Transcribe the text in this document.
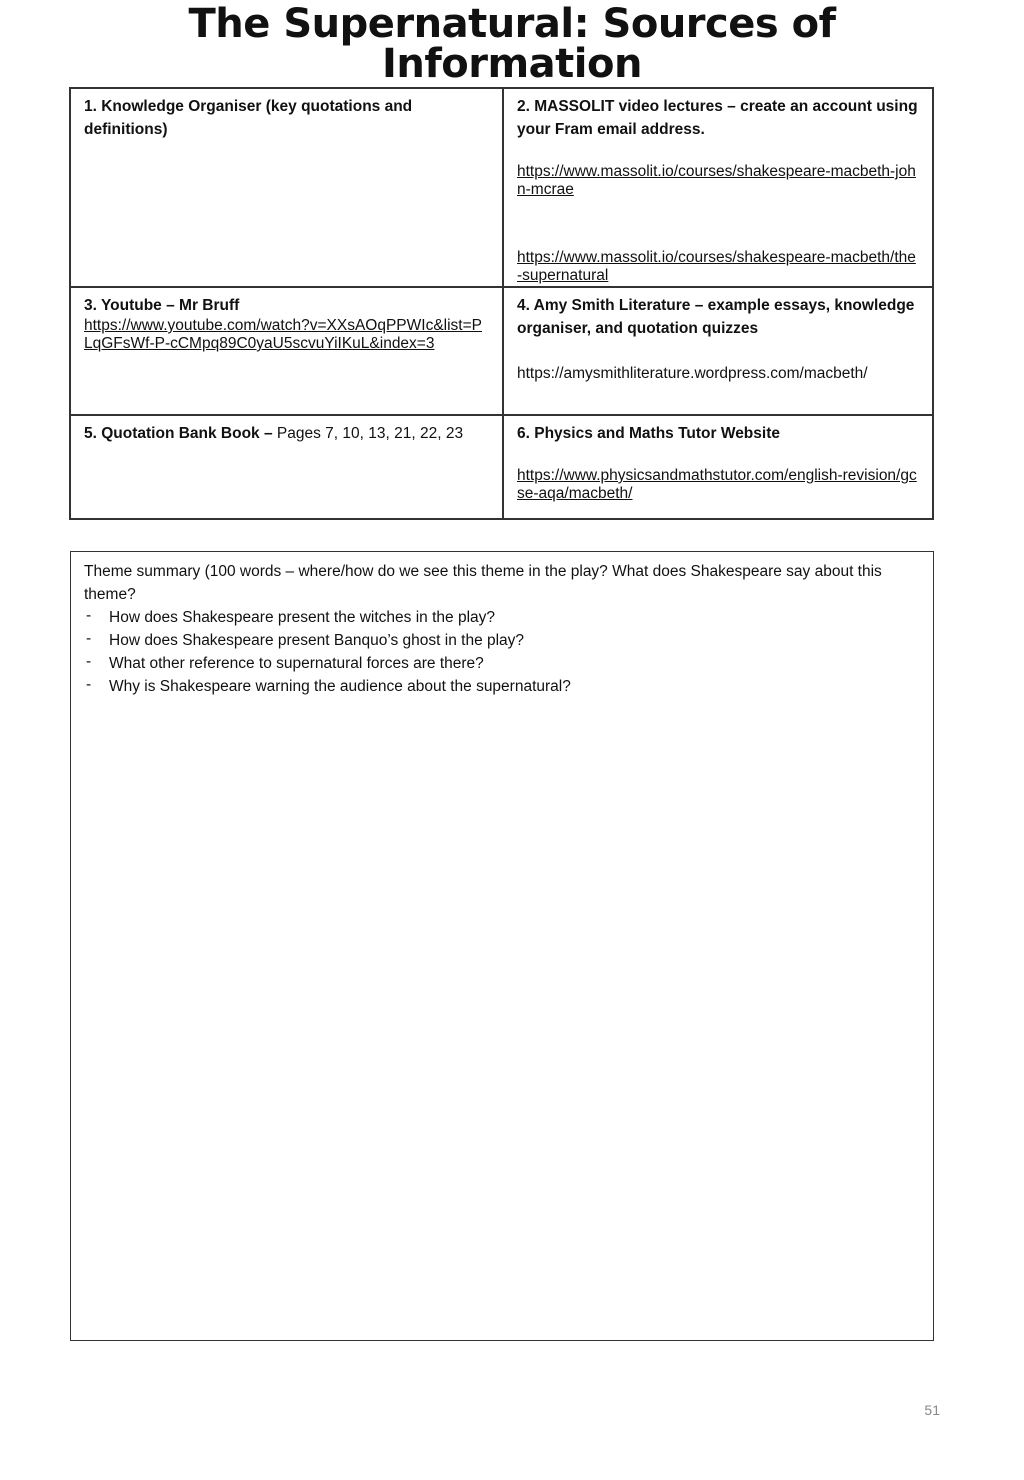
The Supernatural: Sources of
Information
1. Knowledge Organiser (key quotations and definitions)
2. MASSOLIT video lectures – create an account using your Fram email address.
https://www.massolit.io/courses/shakespeare-macbeth-john-mcrae
https://www.massolit.io/courses/shakespeare-macbeth/the-supernatural
3. Youtube – Mr Bruff
https://www.youtube.com/watch?v=XXsAOqPPWIc&list=PLqGFsWf-P-cCMpq89C0yaU5scvuYiIKuL&index=3
4. Amy Smith Literature – example essays, knowledge organiser, and quotation quizzes
https://amysmithliterature.wordpress.com/macbeth/
5. Quotation Bank Book – Pages 7, 10, 13, 21, 22, 23	6. Physics and Maths Tutor Website
https://www.physicsandmathstutor.com/english-revision/gcse-aqa/macbeth/
Theme summary (100 words – where/how do we see this theme in the play? What does Shakespeare say about this theme?
- How does Shakespeare present the witches in the play?
- How does Shakespeare present Banquo’s ghost in the play?
- What other reference to supernatural forces are there?
- Why is Shakespeare warning the audience about the supernatural?
51
